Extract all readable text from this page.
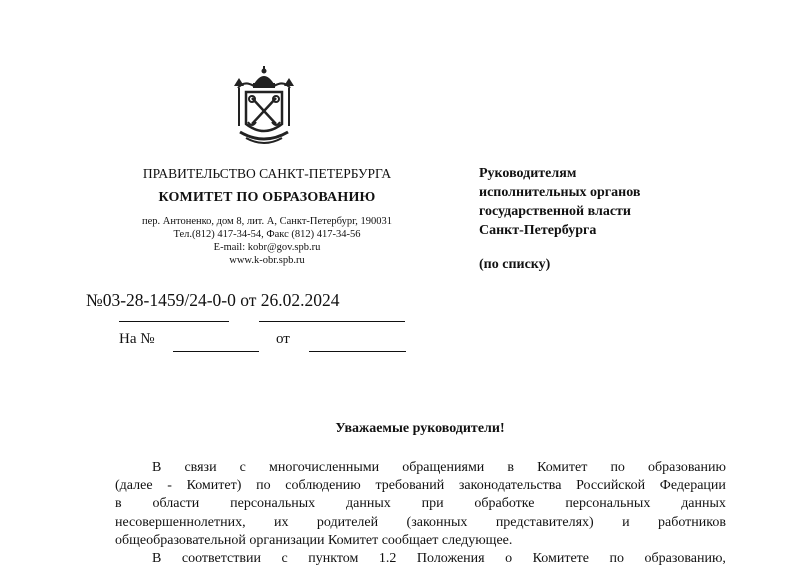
ПРАВИТЕЛЬСТВО САНКТ-ПЕТЕРБУРГА
КОМИТЕТ ПО ОБРАЗОВАНИЮ
пер. Антоненко, дом 8, лит. А, Санкт-Петербург, 190031
Тел.(812) 417-34-54, Факс (812) 417-34-56
E-mail: kobr@gov.spb.ru
www.k-obr.spb.ru
Руководителям
исполнительных органов
государственной власти
Санкт-Петербурга
(по списку)
№03-28-1459/24-0-0 от 26.02.2024
На №	от
Уважаемые руководители!
В связи с многочисленными обращениями в Комитет по образованию
(далее - Комитет) по соблюдению требований законодательства Российской Федерации
в области персональных данных при обработке персональных данных
несовершеннолетних, их родителей (законных представителях) и работников
общеобразовательной организации Комитет сообщает следующее.
В соответствии с пунктом 1.2 Положения о Комитете по образованию,
